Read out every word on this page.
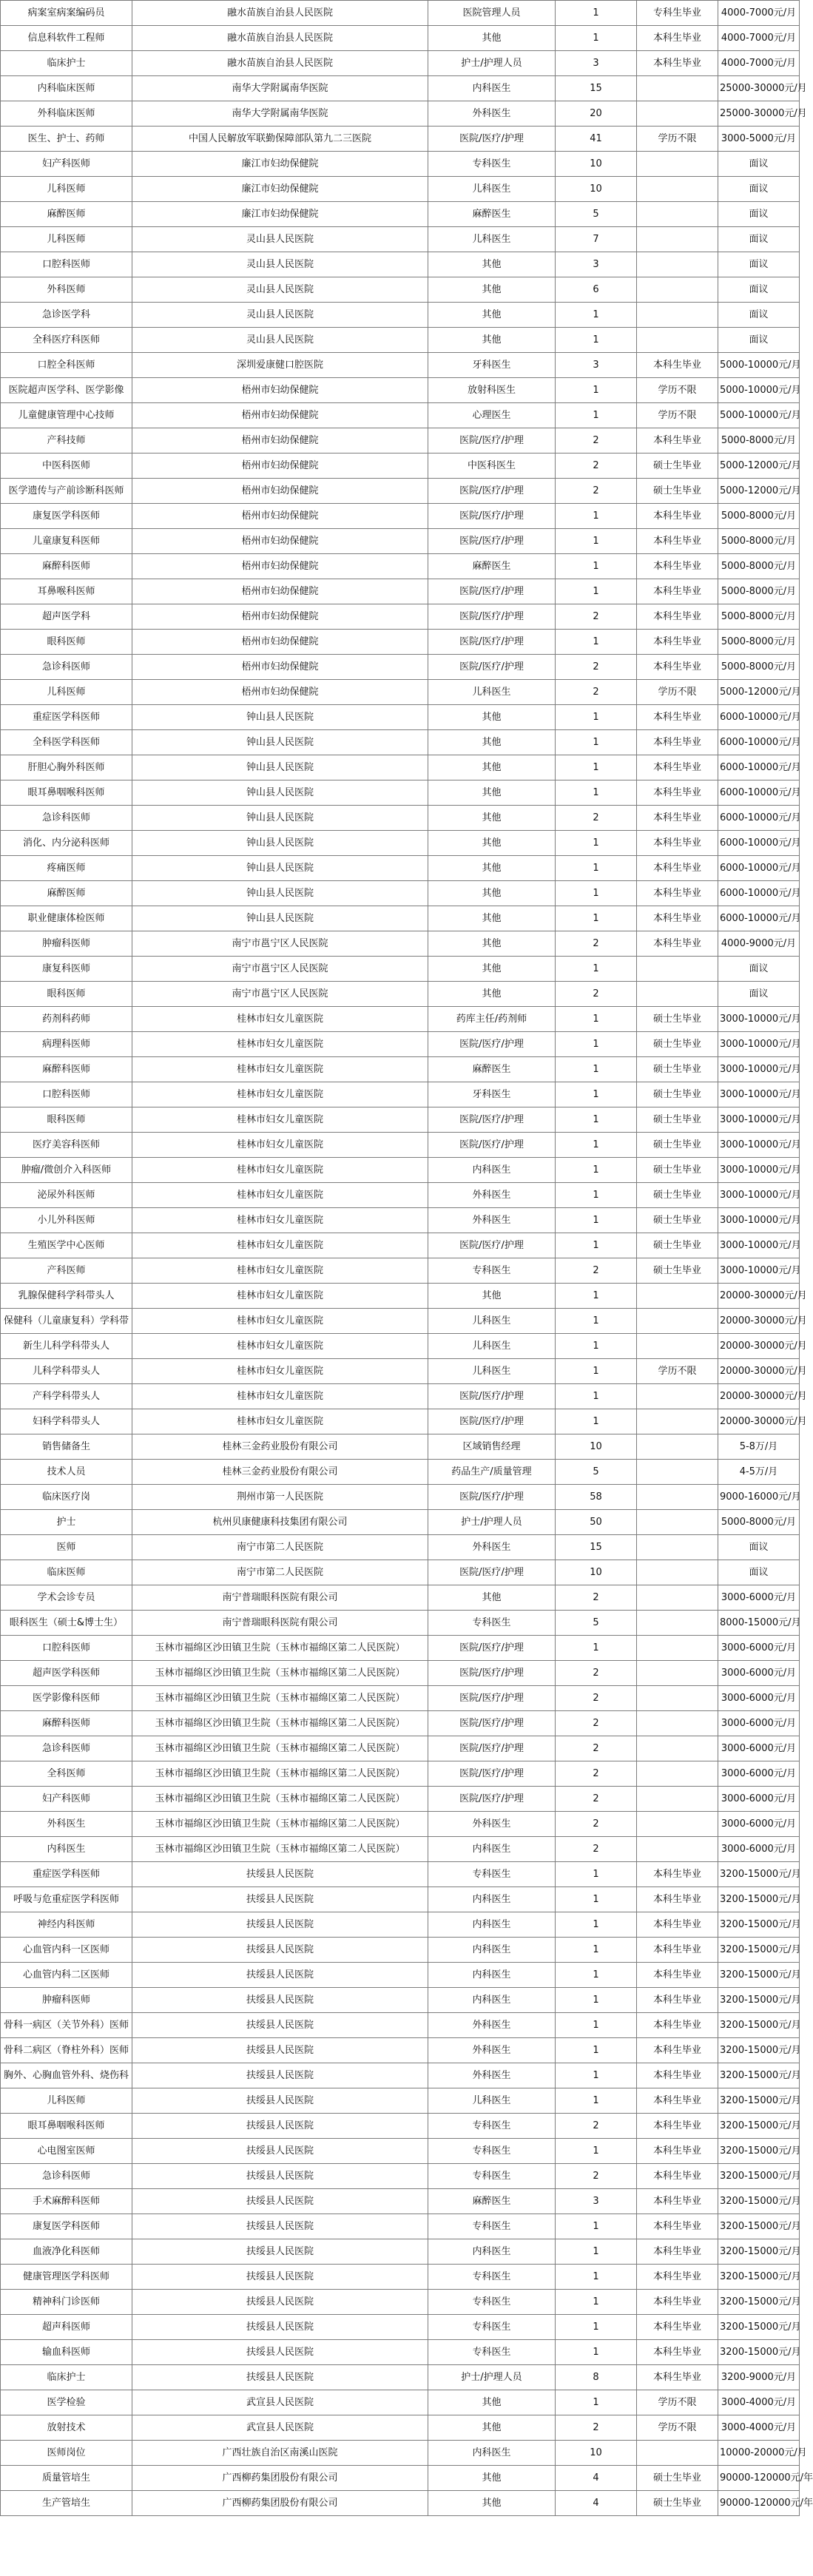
病案室病案编码员	融水苗族自治县人民医院	医院管理人员	1	专科生毕业	4000-7000元/月
信息科软件工程师	融水苗族自治县人民医院	其他	1	本科生毕业	4000-7000元/月
临床护士	融水苗族自治县人民医院	护士/护理人员	3	本科生毕业	4000-7000元/月
内科临床医师	南华大学附属南华医院	内科医生	15		25000-30000元/月
外科临床医师	南华大学附属南华医院	外科医生	20		25000-30000元/月
医生、护士、药师	中国人民解放军联勤保障部队第九二三医院	医院/医疗/护理	41	学历不限	3000-5000元/月
妇产科医师	廉江市妇幼保健院	专科医生	10		面议
儿科医师	廉江市妇幼保健院	儿科医生	10		面议
麻醉医师	廉江市妇幼保健院	麻醉医生	5		面议
儿科医师	灵山县人民医院	儿科医生	7		面议
口腔科医师	灵山县人民医院	其他	3		面议
外科医师	灵山县人民医院	其他	6		面议
急诊医学科	灵山县人民医院	其他	1		面议
全科医疗科医师	灵山县人民医院	其他	1		面议
口腔全科医师	深圳爱康健口腔医院	牙科医生	3	本科生毕业	5000-10000元/月
医院超声医学科、医学影像	梧州市妇幼保健院	放射科医生	1	学历不限	5000-10000元/月
儿童健康管理中心技师	梧州市妇幼保健院	心理医生	1	学历不限	5000-10000元/月
产科技师	梧州市妇幼保健院	医院/医疗/护理	2	本科生毕业	5000-8000元/月
中医科医师	梧州市妇幼保健院	中医科医生	2	硕士生毕业	5000-12000元/月
医学遗传与产前诊断科医师	梧州市妇幼保健院	医院/医疗/护理	2	硕士生毕业	5000-12000元/月
康复医学科医师	梧州市妇幼保健院	医院/医疗/护理	1	本科生毕业	5000-8000元/月
儿童康复科医师	梧州市妇幼保健院	医院/医疗/护理	1	本科生毕业	5000-8000元/月
麻醉科医师	梧州市妇幼保健院	麻醉医生	1	本科生毕业	5000-8000元/月
耳鼻喉科医师	梧州市妇幼保健院	医院/医疗/护理	1	本科生毕业	5000-8000元/月
超声医学科	梧州市妇幼保健院	医院/医疗/护理	2	本科生毕业	5000-8000元/月
眼科医师	梧州市妇幼保健院	医院/医疗/护理	1	本科生毕业	5000-8000元/月
急诊科医师	梧州市妇幼保健院	医院/医疗/护理	2	本科生毕业	5000-8000元/月
儿科医师	梧州市妇幼保健院	儿科医生	2	学历不限	5000-12000元/月
重症医学科医师	钟山县人民医院	其他	1	本科生毕业	6000-10000元/月
全科医学科医师	钟山县人民医院	其他	1	本科生毕业	6000-10000元/月
肝胆心胸外科医师	钟山县人民医院	其他	1	本科生毕业	6000-10000元/月
眼耳鼻咽喉科医师	钟山县人民医院	其他	1	本科生毕业	6000-10000元/月
急诊科医师	钟山县人民医院	其他	2	本科生毕业	6000-10000元/月
消化、内分泌科医师	钟山县人民医院	其他	1	本科生毕业	6000-10000元/月
疼痛医师	钟山县人民医院	其他	1	本科生毕业	6000-10000元/月
麻醉医师	钟山县人民医院	其他	1	本科生毕业	6000-10000元/月
职业健康体检医师	钟山县人民医院	其他	1	本科生毕业	6000-10000元/月
肿瘤科医师	南宁市邕宁区人民医院	其他	2	本科生毕业	4000-9000元/月
康复科医师	南宁市邕宁区人民医院	其他	1		面议
眼科医师	南宁市邕宁区人民医院	其他	2		面议
药剂科药师	桂林市妇女儿童医院	药库主任/药剂师	1	硕士生毕业	3000-10000元/月
病理科医师	桂林市妇女儿童医院	医院/医疗/护理	1	硕士生毕业	3000-10000元/月
麻醉科医师	桂林市妇女儿童医院	麻醉医生	1	硕士生毕业	3000-10000元/月
口腔科医师	桂林市妇女儿童医院	牙科医生	1	硕士生毕业	3000-10000元/月
眼科医师	桂林市妇女儿童医院	医院/医疗/护理	1	硕士生毕业	3000-10000元/月
医疗美容科医师	桂林市妇女儿童医院	医院/医疗/护理	1	硕士生毕业	3000-10000元/月
肿瘤/微创介入科医师	桂林市妇女儿童医院	内科医生	1	硕士生毕业	3000-10000元/月
泌尿外科医师	桂林市妇女儿童医院	外科医生	1	硕士生毕业	3000-10000元/月
小儿外科医师	桂林市妇女儿童医院	外科医生	1	硕士生毕业	3000-10000元/月
生殖医学中心医师	桂林市妇女儿童医院	医院/医疗/护理	1	硕士生毕业	3000-10000元/月
产科医师	桂林市妇女儿童医院	专科医生	2	硕士生毕业	3000-10000元/月
乳腺保健科学科带头人	桂林市妇女儿童医院	其他	1		20000-30000元/月
保健科（儿童康复科）学科带	桂林市妇女儿童医院	儿科医生	1		20000-30000元/月
新生儿科学科带头人	桂林市妇女儿童医院	儿科医生	1		20000-30000元/月
儿科学科带头人	桂林市妇女儿童医院	儿科医生	1	学历不限	20000-30000元/月
产科学科带头人	桂林市妇女儿童医院	医院/医疗/护理	1		20000-30000元/月
妇科学科带头人	桂林市妇女儿童医院	医院/医疗/护理	1		20000-30000元/月
销售储备生	桂林三金药业股份有限公司	区域销售经理	10		5-8万/月
技术人员	桂林三金药业股份有限公司	药品生产/质量管理	5		4-5万/月
临床医疗岗	荆州市第一人民医院	医院/医疗/护理	58		9000-16000元/月
护士	杭州贝康健康科技集团有限公司	护士/护理人员	50		5000-8000元/月
医师	南宁市第二人民医院	外科医生	15		面议
临床医师	南宁市第二人民医院	医院/医疗/护理	10		面议
学术会诊专员	南宁普瑞眼科医院有限公司	其他	2		3000-6000元/月
眼科医生（硕士&博士生）	南宁普瑞眼科医院有限公司	专科医生	5		8000-15000元/月
口腔科医师	玉林市福绵区沙田镇卫生院（玉林市福绵区第二人民医院）	医院/医疗/护理	1		3000-6000元/月
超声医学科医师	玉林市福绵区沙田镇卫生院（玉林市福绵区第二人民医院）	医院/医疗/护理	2		3000-6000元/月
医学影像科医师	玉林市福绵区沙田镇卫生院（玉林市福绵区第二人民医院）	医院/医疗/护理	2		3000-6000元/月
麻醉科医师	玉林市福绵区沙田镇卫生院（玉林市福绵区第二人民医院）	医院/医疗/护理	2		3000-6000元/月
急诊科医师	玉林市福绵区沙田镇卫生院（玉林市福绵区第二人民医院）	医院/医疗/护理	2		3000-6000元/月
全科医师	玉林市福绵区沙田镇卫生院（玉林市福绵区第二人民医院）	医院/医疗/护理	2		3000-6000元/月
妇产科医师	玉林市福绵区沙田镇卫生院（玉林市福绵区第二人民医院）	医院/医疗/护理	2		3000-6000元/月
外科医生	玉林市福绵区沙田镇卫生院（玉林市福绵区第二人民医院）	外科医生	2		3000-6000元/月
内科医生	玉林市福绵区沙田镇卫生院（玉林市福绵区第二人民医院）	内科医生	2		3000-6000元/月
重症医学科医师	扶绥县人民医院	专科医生	1	本科生毕业	3200-15000元/月
呼吸与危重症医学科医师	扶绥县人民医院	内科医生	1	本科生毕业	3200-15000元/月
神经内科医师	扶绥县人民医院	内科医生	1	本科生毕业	3200-15000元/月
心血管内科一区医师	扶绥县人民医院	内科医生	1	本科生毕业	3200-15000元/月
心血管内科二区医师	扶绥县人民医院	内科医生	1	本科生毕业	3200-15000元/月
肿瘤科医师	扶绥县人民医院	内科医生	1	本科生毕业	3200-15000元/月
骨科一病区（关节外科）医师	扶绥县人民医院	外科医生	1	本科生毕业	3200-15000元/月
骨科二病区（脊柱外科）医师	扶绥县人民医院	外科医生	1	本科生毕业	3200-15000元/月
胸外、心胸血管外科、烧伤科	扶绥县人民医院	外科医生	1	本科生毕业	3200-15000元/月
儿科医师	扶绥县人民医院	儿科医生	1	本科生毕业	3200-15000元/月
眼耳鼻咽喉科医师	扶绥县人民医院	专科医生	2	本科生毕业	3200-15000元/月
心电图室医师	扶绥县人民医院	专科医生	1	本科生毕业	3200-15000元/月
急诊科医师	扶绥县人民医院	专科医生	2	本科生毕业	3200-15000元/月
手术麻醉科医师	扶绥县人民医院	麻醉医生	3	本科生毕业	3200-15000元/月
康复医学科医师	扶绥县人民医院	专科医生	1	本科生毕业	3200-15000元/月
血液净化科医师	扶绥县人民医院	内科医生	1	本科生毕业	3200-15000元/月
健康管理医学科医师	扶绥县人民医院	专科医生	1	本科生毕业	3200-15000元/月
精神科门诊医师	扶绥县人民医院	专科医生	1	本科生毕业	3200-15000元/月
超声科医师	扶绥县人民医院	专科医生	1	本科生毕业	3200-15000元/月
输血科医师	扶绥县人民医院	专科医生	1	本科生毕业	3200-15000元/月
临床护士	扶绥县人民医院	护士/护理人员	8	本科生毕业	3200-9000元/月
医学检验	武宣县人民医院	其他	1	学历不限	3000-4000元/月
放射技术	武宣县人民医院	其他	2	学历不限	3000-4000元/月
医师岗位	广西壮族自治区南溪山医院	内科医生	10		10000-20000元/月
质量管培生	广西柳药集团股份有限公司	其他	4	硕士生毕业	90000-120000元/年
生产管培生	广西柳药集团股份有限公司	其他	4	硕士生毕业	90000-120000元/年
